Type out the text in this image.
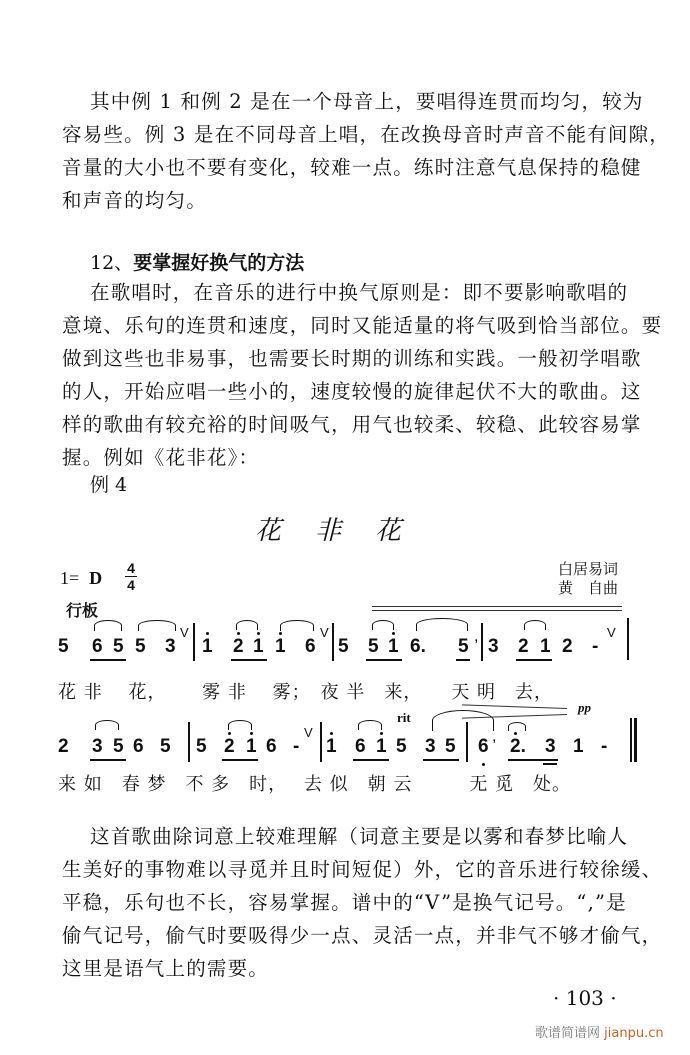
其中例 1 和例 2 是在一个母音上，要唱得连贯而均匀，较为
容易些。例 3 是在不同母音上唱，在改换母音时声音不能有间隙，
音量的大小也不要有变化，较难一点。练时注意气息保持的稳健
和声音的均匀。
12、要掌握好换气的方法
在歌唱时，在音乐的进行中换气原则是：即不要影响歌唱的
意境、乐句的连贯和速度，同时又能适量的将气吸到恰当部位。要
做到这些也非易事，也需要长时期的训练和实践。一般初学唱歌
的人，开始应唱一些小的，速度较慢的旋律起伏不大的歌曲。这
样的歌曲有较充裕的时间吸气，用气也较柔、较稳、此较容易掌
握。例如《花非花》：
例 4
花非花
1= D 4
4
白居易词
黄　自曲
行板
5 6 5 5 3
V
1 2 1 1 6
V
5 5 1 6. 5 , 3 2 1 2 -
V
花 非　 花，　　 雾 非　 雾；　夜 半　来，　　天 明　去，
rit
pp
2 3 5 6 5 5 2 1 6 -
V
1 6 1 5 3 5 6 , 2. 3 1 -
来 如　春 梦　不 多　时，　 去 似　朝 云　　　无 觅　处。
这首歌曲除词意上较难理解（词意主要是以雾和春梦比喻人
生美好的事物难以寻觅并且时间短促）外，它的音乐进行较徐缓、
平稳，乐句也不长，容易掌握。谱中的“V”是换气记号。“,”是
偷气记号，偷气时要吸得少一点、灵活一点，并非气不够才偷气，
这里是语气上的需要。
· 103 ·
歌谱简谱网 jianpu.cn
